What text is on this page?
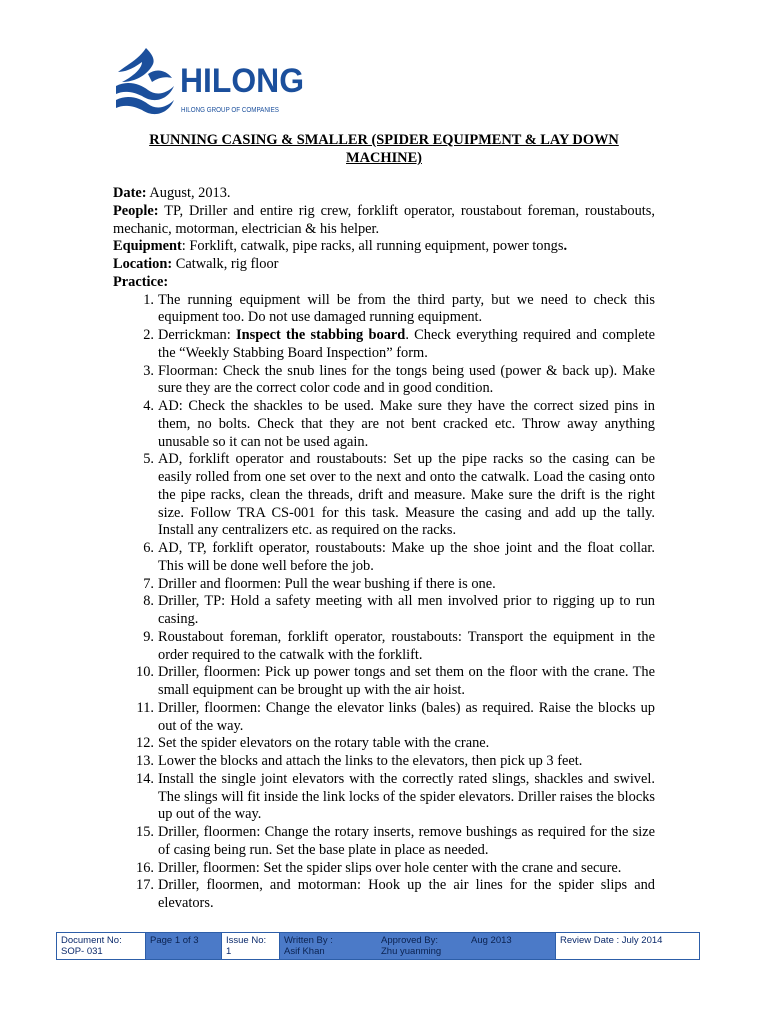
HILONG
HILONG GROUP OF COMPANIES
RUNNING CASING & SMALLER (SPIDER EQUIPMENT & LAY DOWN MACHINE)

Date: August, 2013.

People: TP, Driller and entire rig crew, forklift operator, roustabout foreman, roustabouts, mechanic, motorman, electrician & his helper.

Equipment: Forklift, catwalk, pipe racks, all running equipment, power tongs.

Location: Catwalk, rig floor

Practice:

1. The running equipment will be from the third party, but we need to check this equipment too. Do not use damaged running equipment.
2. Derrickman: Inspect the stabbing board. Check everything required and complete the “Weekly Stabbing Board Inspection” form.
3. Floorman: Check the snub lines for the tongs being used (power & back up). Make sure they are the correct color code and in good condition.
4. AD: Check the shackles to be used. Make sure they have the correct sized pins in them, no bolts. Check that they are not bent cracked etc. Throw away anything unusable so it can not be used again.
5. AD, forklift operator and roustabouts: Set up the pipe racks so the casing can be easily rolled from one set over to the next and onto the catwalk. Load the casing onto the pipe racks, clean the threads, drift and measure. Make sure the drift is the right size. Follow TRA CS-001 for this task. Measure the casing and add up the tally. Install any centralizers etc. as required on the racks.
6. AD, TP, forklift operator, roustabouts: Make up the shoe joint and the float collar. This will be done well before the job.
7. Driller and floormen: Pull the wear bushing if there is one.
8. Driller, TP: Hold a safety meeting with all men involved prior to rigging up to run casing.
9. Roustabout foreman, forklift operator, roustabouts: Transport the equipment in the order required to the catwalk with the forklift.
10. Driller, floormen: Pick up power tongs and set them on the floor with the crane. The small equipment can be brought up with the air hoist.
11. Driller, floormen: Change the elevator links (bales) as required. Raise the blocks up out of the way.
12. Set the spider elevators on the rotary table with the crane.
13. Lower the blocks and attach the links to the elevators, then pick up 3 feet.
14. Install the single joint elevators with the correctly rated slings, shackles and swivel. The slings will fit inside the link locks of the spider elevators. Driller raises the blocks up out of the way.
15. Driller, floormen: Change the rotary inserts, remove bushings as required for the size of casing being run. Set the base plate in place as needed.
16. Driller, floormen: Set the spider slips over hole center with the crane and secure.
17. Driller, floormen, and motorman: Hook up the air lines for the spider slips and elevators.
Document No:
SOP- 031
Page 1 of 3	Issue No:
1
Written By :
Asif Khan
Approved By:
Zhu yuanming
Aug 2013	Review Date : July 2014
